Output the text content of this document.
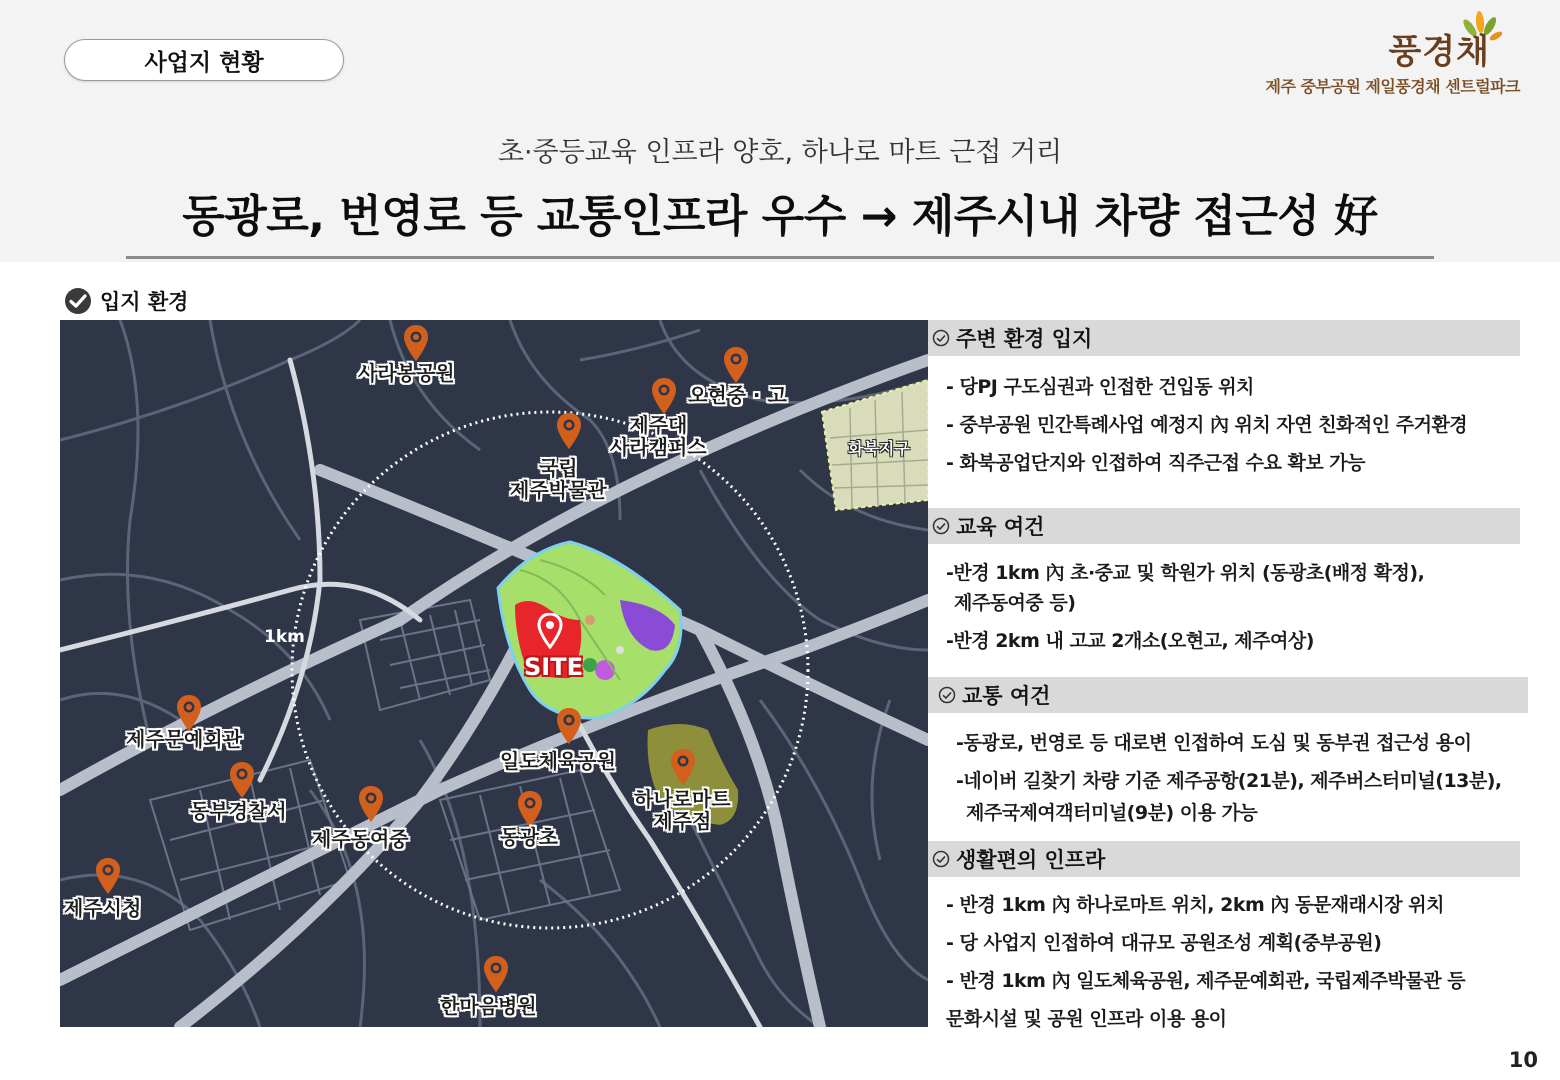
사업지 현황	풍경채
제주 중부공원 제일풍경채 센트럴파크
초·중등교육 인프라 양호, 하나로 마트 근접 거리
동광로, 번영로 등 교통인프라 우수 → 제주시내 차량 접근성 好
입지 환경
SITE
1km
화북지구
사라봉공원
오현중 · 고
제주대
사라캠퍼스
국립
제주박물관
일도체육공원
하나로마트
제주점
제주문예회관
동부경찰서
제주동여중	동광초
제주시청
한마음병원
주변 환경 입지
- 당PJ 구도심권과 인접한 건입동 위치
- 중부공원 민간특례사업 예정지 內 위치 자연 친화적인 주거환경
- 화북공업단지와 인접하여 직주근접 수요 확보 가능
교육 여건
-반경 1km 內 초·중교 및 학원가 위치 (동광초(배정 확정),
제주동여중 등)
-반경 2km 내 고교 2개소(오현고, 제주여상)
교통 여건
-동광로, 번영로 등 대로변 인접하여 도심 및 동부권 접근성 용이
-네이버 길찾기 차량 기준 제주공항(21분), 제주버스터미널(13분),
제주국제여객터미널(9분) 이용 가능
생활편의 인프라
- 반경 1km 內 하나로마트 위치, 2km 內 동문재래시장 위치
- 당 사업지 인접하여 대규모 공원조성 계획(중부공원)
- 반경 1km 內 일도체육공원, 제주문예회관, 국립제주박물관 등
문화시설 및 공원 인프라 이용 용이
10
